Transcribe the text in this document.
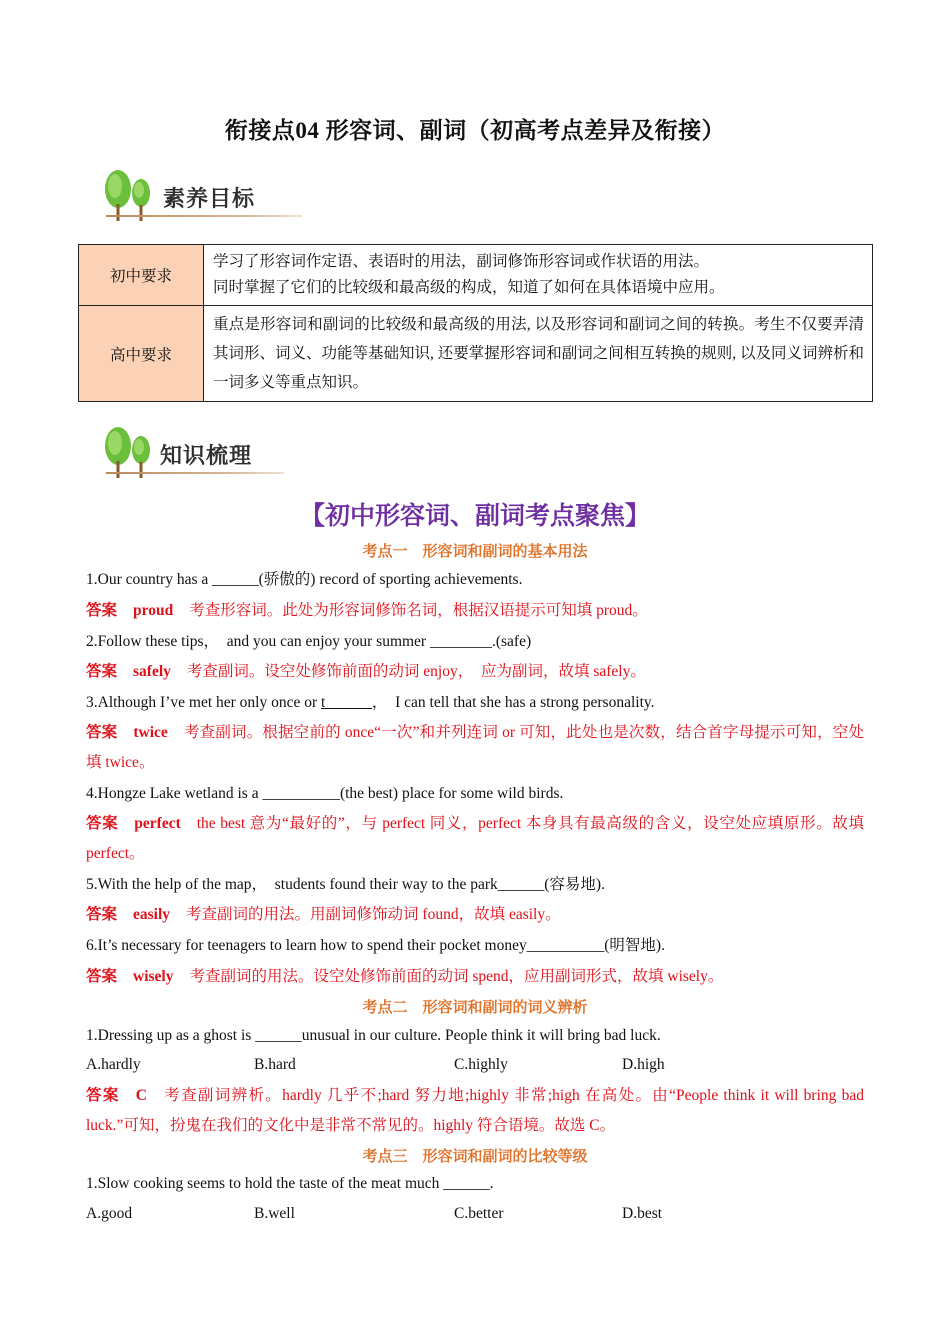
衔接点04 形容词、副词（初高考点差异及衔接）
素养目标
初中要求	学习了形容词作定语、表语时的用法，副词修饰形容词或作状语的用法。
同时掌握了它们的比较级和最高级的构成，知道了如何在具体语境中应用。

高中要求	重点是形容词和副词的比较级和最高级的用法, 以及形容词和副词之间的转换。考生不仅要弄清其词形、词义、功能等基础知识, 还要掌握形容词和副词之间相互转换的规则, 以及同义词辨析和一词多义等重点知识。
知识梳理
【初中形容词、副词考点聚焦】
考点一　形容词和副词的基本用法
1.Our country has a ______(骄傲的) record of sporting achievements.
答案 proud 考查形容词。此处为形容词修饰名词，根据汉语提示可知填 proud。
2.Follow these tips，　and you can enjoy your summer ________.(safe)
答案 safely 考查副词。设空处修饰前面的动词 enjoy，　应为副词，故填 safely。
3.Although I’ve met her only once or t______，　I can tell that she has a strong personality.
答案 twice 考查副词。根据空前的 once“一次”和并列连词 or 可知，此处也是次数，结合首字母提示可知，空处填 twice。
4.Hongze Lake wetland is a __________(the best) place for some wild birds.
答案 perfect the best 意为“最好的”，与 perfect 同义，perfect 本身具有最高级的含义，设空处应填原形。故填 perfect。
5.With the help of the map，　students found their way to the park______(容易地).
答案 easily 考查副词的用法。用副词修饰动词 found，故填 easily。
6.It’s necessary for teenagers to learn how to spend their pocket money__________(明智地).
答案 wisely 考查副词的用法。设空处修饰前面的动词 spend，应用副词形式，故填 wisely。
考点二　形容词和副词的词义辨析
1.Dressing up as a ghost is ______unusual in our culture. People think it will bring bad luck.
A.hardly	B.hard	C.highly	D.high
答案 C 考查副词辨析。hardly 几乎不;hard 努力地;highly 非常;high 在高处。由“People think it will bring bad luck.”可知，扮鬼在我们的文化中是非常不常见的。highly 符合语境。故选 C。
考点三　形容词和副词的比较等级
1.Slow cooking seems to hold the taste of the meat much ______.
A.good	B.well	C.better	D.best
